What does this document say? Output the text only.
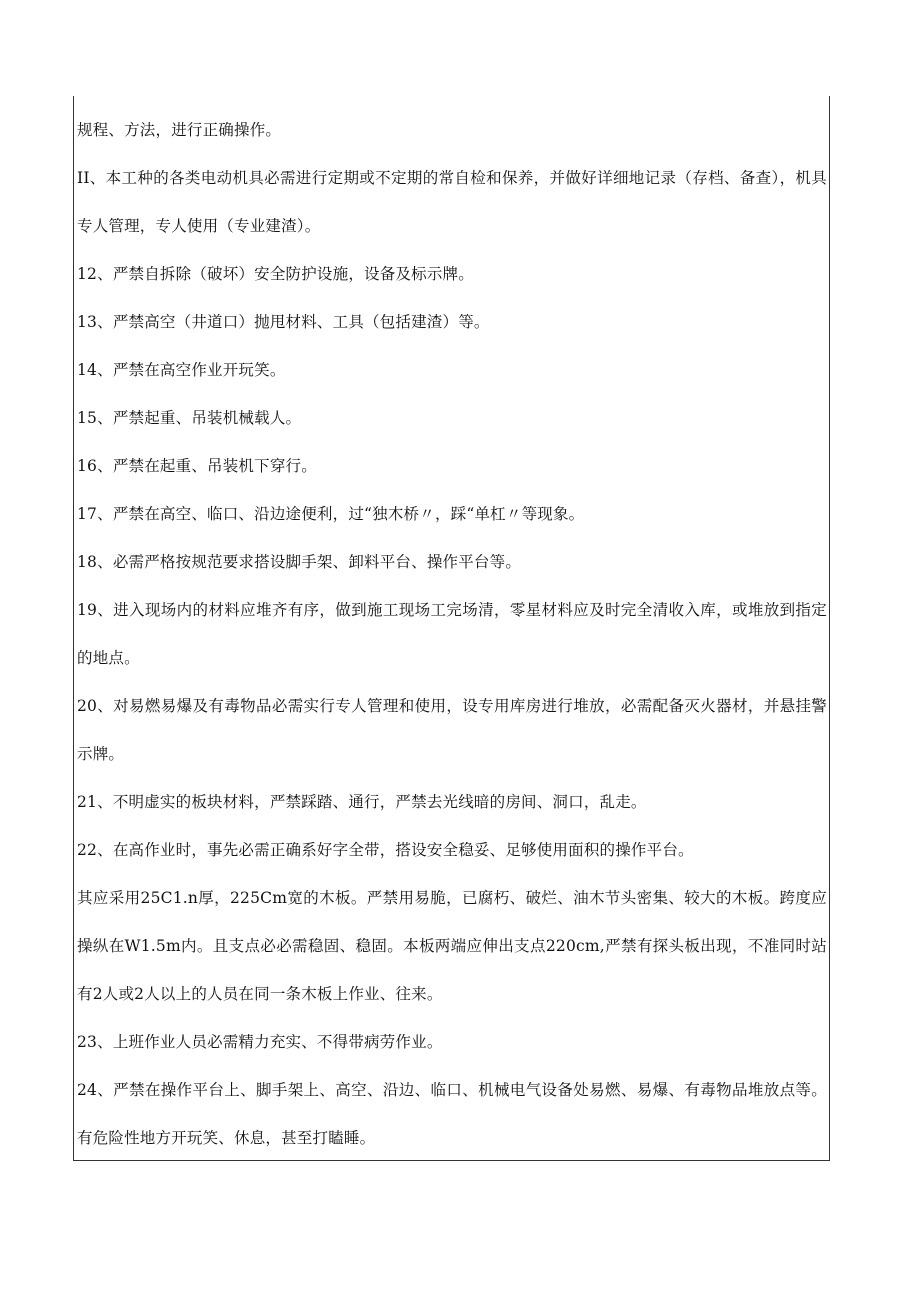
规程、方法，进行正确操作。

II、本工种的各类电动机具必需进行定期或不定期的常自检和保养，并做好详细地记录（存档、备查），机具专人管理，专人使用（专业建渣）。

12、严禁自拆除（破坏）安全防护设施，设备及标示牌。

13、严禁高空（井道口）抛甩材料、工具（包括建渣）等。

14、严禁在高空作业开玩笑。

15、严禁起重、吊装机械载人。

16、严禁在起重、吊装机下穿行。

17、严禁在高空、临口、沿边途便利，过“独木桥〃，踩“单杠〃等现象。

18、必需严格按规范要求搭设脚手架、卸料平台、操作平台等。

19、进入现场内的材料应堆齐有序，做到施工现场工完场清，零星材料应及时完全清收入库，或堆放到指定的地点。

20、对易燃易爆及有毒物品必需实行专人管理和使用，设专用库房进行堆放，必需配备灭火器材，并悬挂警示牌。

21、不明虚实的板块材料，严禁踩踏、通行，严禁去光线暗的房间、洞口，乱走。

22、在高作业时，事先必需正确系好字全带，搭设安全稳妥、足够使用面积的操作平台。

其应采用25C1.n厚，225Cm宽的木板。严禁用易脆，已腐朽、破烂、油木节头密集、较大的木板。跨度应操纵在W1.5m内。且支点必必需稳固、稳固。本板两端应伸出支点220cm,严禁有探头板出现，不准同时站有2人或2人以上的人员在同一条木板上作业、往来。

23、上班作业人员必需精力充实、不得带病劳作业。

24、严禁在操作平台上、脚手架上、高空、沿边、临口、机械电气设备处易燃、易爆、有毒物品堆放点等。有危险性地方开玩笑、休息，甚至打瞌睡。
